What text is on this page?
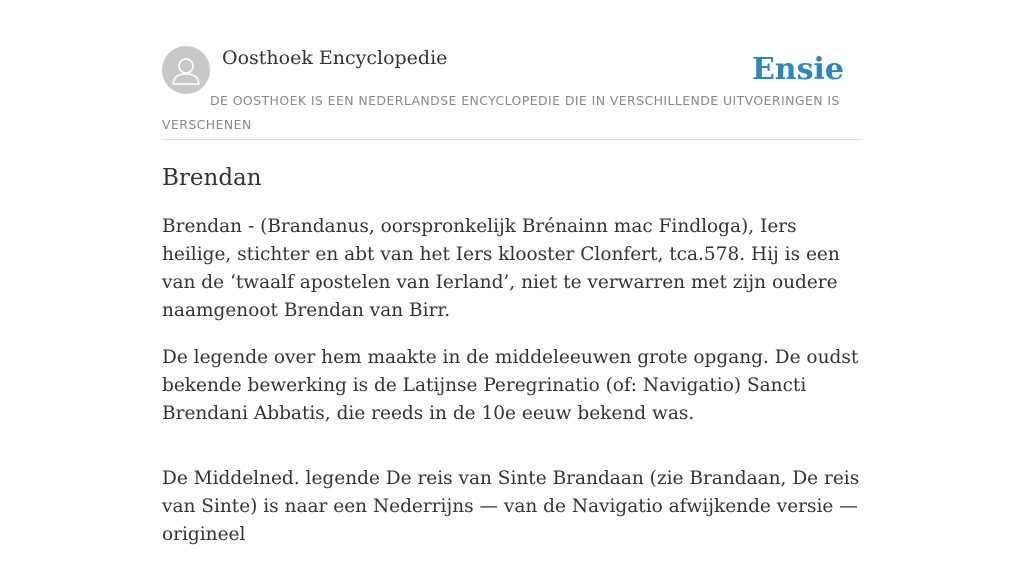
Oosthoek Encyclopedie	Ensie
DE OOSTHOEK IS EEN NEDERLANDSE ENCYCLOPEDIE DIE IN VERSCHILLENDE UITVOERINGEN IS VERSCHENEN
Brendan

Brendan - (Brandanus, oorspronkelijk Brénainn mac Findloga), Iers heilige, stichter en abt van het Iers klooster Clonfert, tca.578. Hij is een van de ‘twaalf apostelen van Ierland’, niet te verwarren met zijn oudere naamgenoot Brendan van Birr.

De legende over hem maakte in de middeleeuwen grote opgang. De oudst bekende bewerking is de Latijnse Peregrinatio (of: Navigatio) Sancti Brendani Abbatis, die reeds in de 10e eeuw bekend was.

De Middelned. legende De reis van Sinte Brandaan (zie Brandaan, De reis van Sinte) is naar een Nederrijns — van de Navigatio afwijkende versie — origineel
